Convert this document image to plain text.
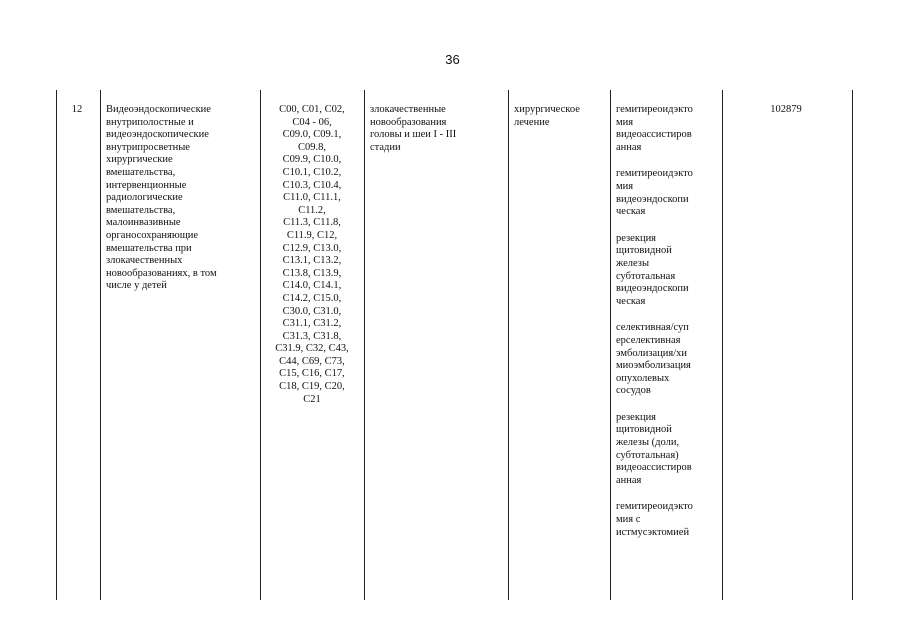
36
12	Видеоэндоскопические
внутриполостные и
видеоэндоскопические
внутрипросветные
хирургические
вмешательства,
интервенционные
радиологические
вмешательства,
малоинвазивные
органосохраняющие
вмешательства при
злокачественных
новообразованиях, в том
числе у детей
C00, C01, C02,
C04 - 06,
C09.0, C09.1,
C09.8,
C09.9, C10.0,
C10.1, C10.2,
C10.3, C10.4,
C11.0, C11.1,
C11.2,
C11.3, C11.8,
C11.9, C12,
C12.9, C13.0,
C13.1, C13.2,
C13.8, C13.9,
C14.0, C14.1,
C14.2, C15.0,
C30.0, C31.0,
C31.1, C31.2,
C31.3, C31.8,
C31.9, C32, C43,
C44, C69, C73,
C15, C16, C17,
C18, C19, C20,
C21
злокачественные
новообразования
головы и шеи I - III
стадии
хирургическое
лечение
гемитиреоидэкто
мия
видеоассистиров
анная
гемитиреоидэкто
мия
видеоэндоскопи
ческая
резекция
щитовидной
железы
субтотальная
видеоэндоскопи
ческая
селективная/суп
ерселективная
эмболизация/хи
миоэмболизация
опухолевых
сосудов
резекция
щитовидной
железы (доли,
субтотальная)
видеоассистиров
анная
гемитиреоидэкто
мия с
истмусэктомией
102879
